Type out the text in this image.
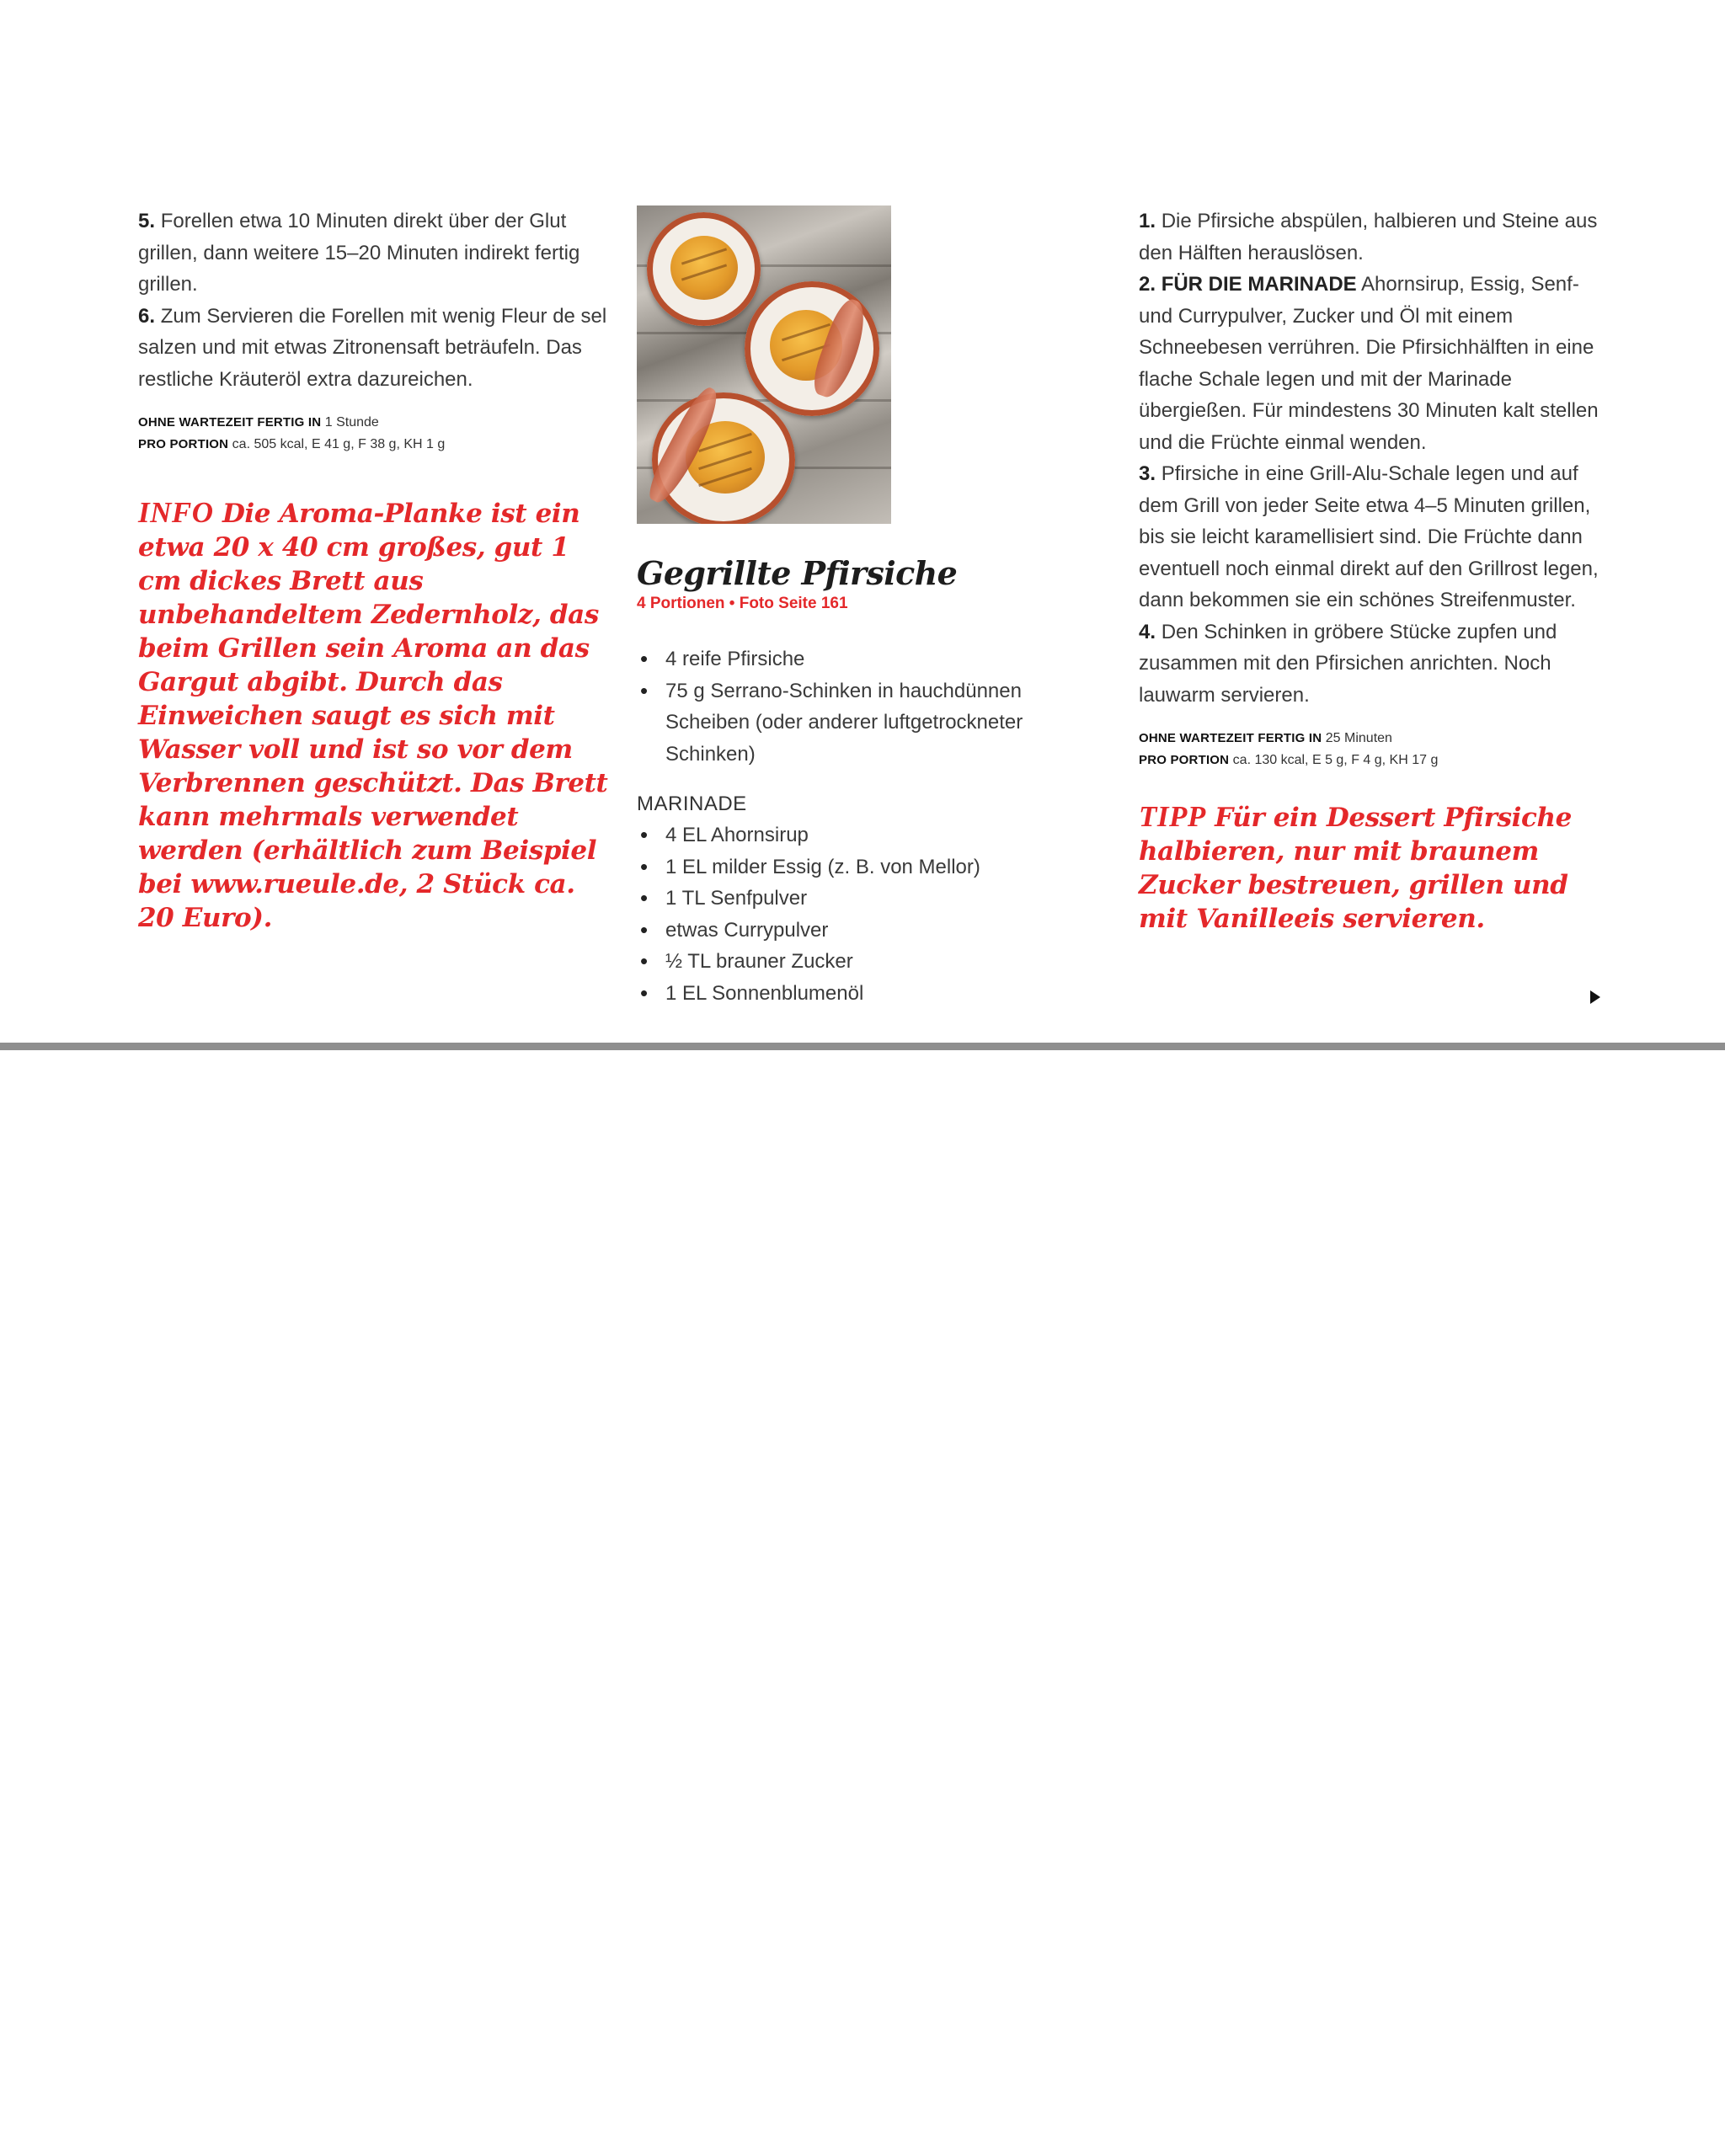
5. Forellen etwa 10 Minuten direkt über der Glut grillen, dann weitere 15–20 Minuten indirekt fertig grillen.

6. Zum Servieren die Forellen mit wenig Fleur de sel salzen und mit etwas Zitronensaft beträufeln. Das restliche Kräuteröl extra dazureichen.

OHNE WARTEZEIT FERTIG IN 1 Stunde
PRO PORTION ca. 505 kcal, E 41 g, F 38 g, KH 1 g

INFO Die Aroma-Planke ist ein etwa 20 x 40 cm großes, gut 1 cm dickes Brett aus unbehandeltem Zedernholz, das beim Grillen sein Aroma an das Gargut abgibt. Durch das Einweichen saugt es sich mit Wasser voll und ist so vor dem Verbrennen geschützt. Das Brett kann mehrmals verwendet werden (erhältlich zum Beispiel bei www.rueule.de, 2 Stück ca. 20 Euro).

Gegrillte Pfirsiche

4 Portionen • Foto Seite 161

• 4 reife Pfirsiche
• 75 g Serrano-Schinken in hauchdünnen Scheiben (oder anderer luftgetrockneter Schinken)

MARINADE

• 4 EL Ahornsirup
• 1 EL milder Essig (z. B. von Mellor)
• 1 TL Senfpulver
• etwas Currypulver
• ½ TL brauner Zucker
• 1 EL Sonnenblumenöl

1. Die Pfirsiche abspülen, halbieren und Steine aus den Hälften herauslösen.

2. FÜR DIE MARINADE Ahornsirup, Essig, Senf- und Currypulver, Zucker und Öl mit einem Schneebesen verrühren. Die Pfirsichhälften in eine flache Schale legen und mit der Marinade übergießen. Für mindestens 30 Minuten kalt stellen und die Früchte einmal wenden.

3. Pfirsiche in eine Grill-Alu-Schale legen und auf dem Grill von jeder Seite etwa 4–5 Minuten grillen, bis sie leicht karamellisiert sind. Die Früchte dann eventuell noch einmal direkt auf den Grillrost legen, dann bekommen sie ein schönes Streifenmuster.

4. Den Schinken in gröbere Stücke zupfen und zusammen mit den Pfirsichen anrichten. Noch lauwarm servieren.

OHNE WARTEZEIT FERTIG IN 25 Minuten
PRO PORTION ca. 130 kcal, E 5 g, F 4 g, KH 17 g

TIPP Für ein Dessert Pfirsiche halbieren, nur mit braunem Zucker bestreuen, grillen und mit Vanilleeis servieren.
